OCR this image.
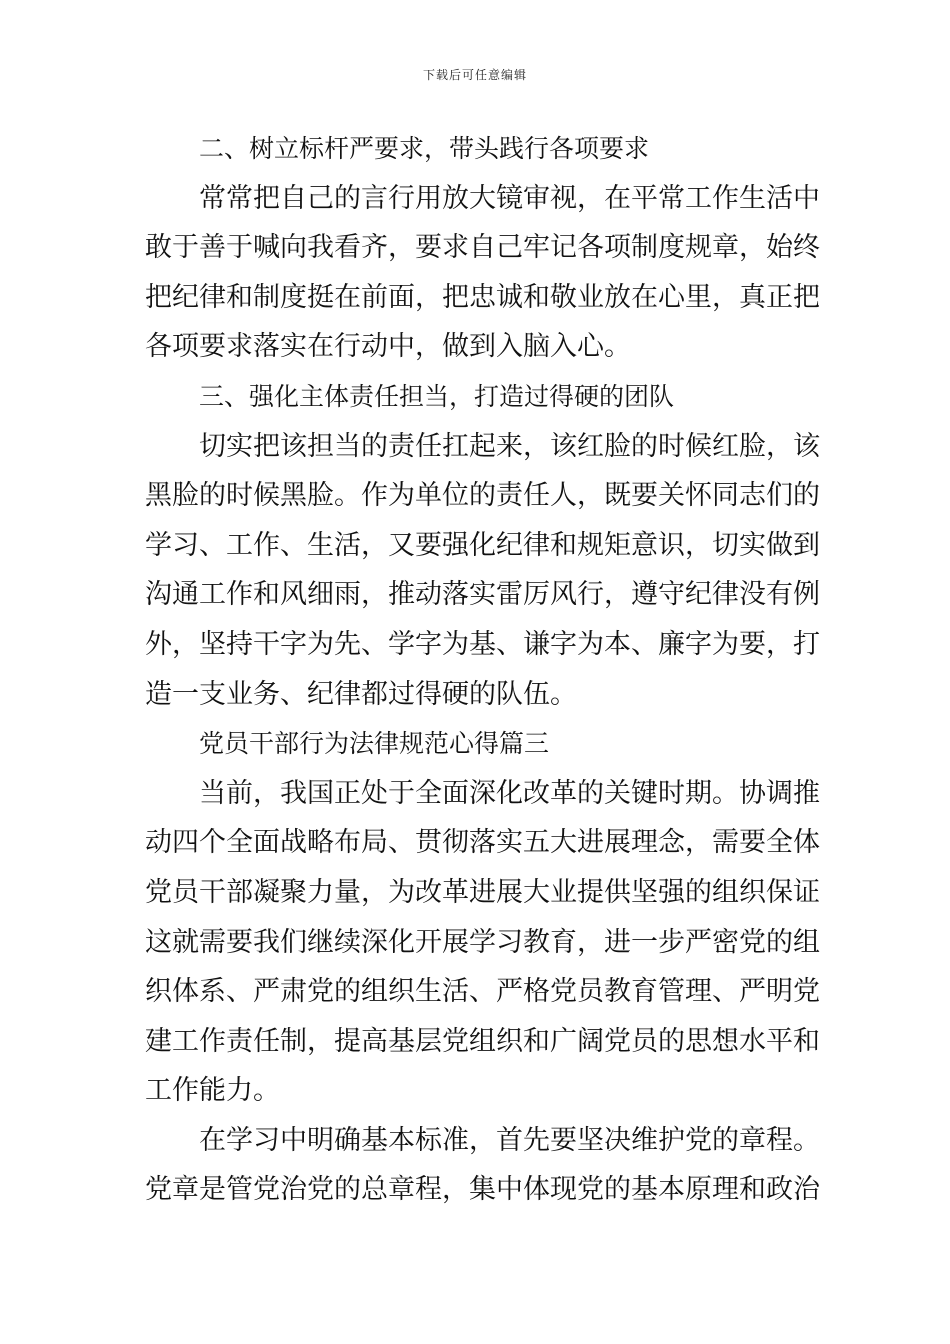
下载后可任意编辑
二、树立标杆严要求，带头践行各项要求
常常把自己的言行用放大镜审视，在平常工作生活中
敢于善于喊向我看齐，要求自己牢记各项制度规章，始终
把纪律和制度挺在前面，把忠诚和敬业放在心里，真正把
各项要求落实在行动中，做到入脑入心。
三、强化主体责任担当，打造过得硬的团队
切实把该担当的责任扛起来，该红脸的时候红脸，该
黑脸的时候黑脸。作为单位的责任人，既要关怀同志们的
学习、工作、生活，又要强化纪律和规矩意识，切实做到
沟通工作和风细雨，推动落实雷厉风行，遵守纪律没有例
外，坚持干字为先、学字为基、谦字为本、廉字为要，打
造一支业务、纪律都过得硬的队伍。
党员干部行为法律规范心得篇三
当前，我国正处于全面深化改革的关键时期。协调推
动四个全面战略布局、贯彻落实五大进展理念，需要全体
党员干部凝聚力量，为改革进展大业提供坚强的组织保证
这就需要我们继续深化开展学习教育，进一步严密党的组
织体系、严肃党的组织生活、严格党员教育管理、严明党
建工作责任制，提高基层党组织和广阔党员的思想水平和
工作能力。
在学习中明确基本标准，首先要坚决维护党的章程。
党章是管党治党的总章程，集中体现党的基本原理和政治
